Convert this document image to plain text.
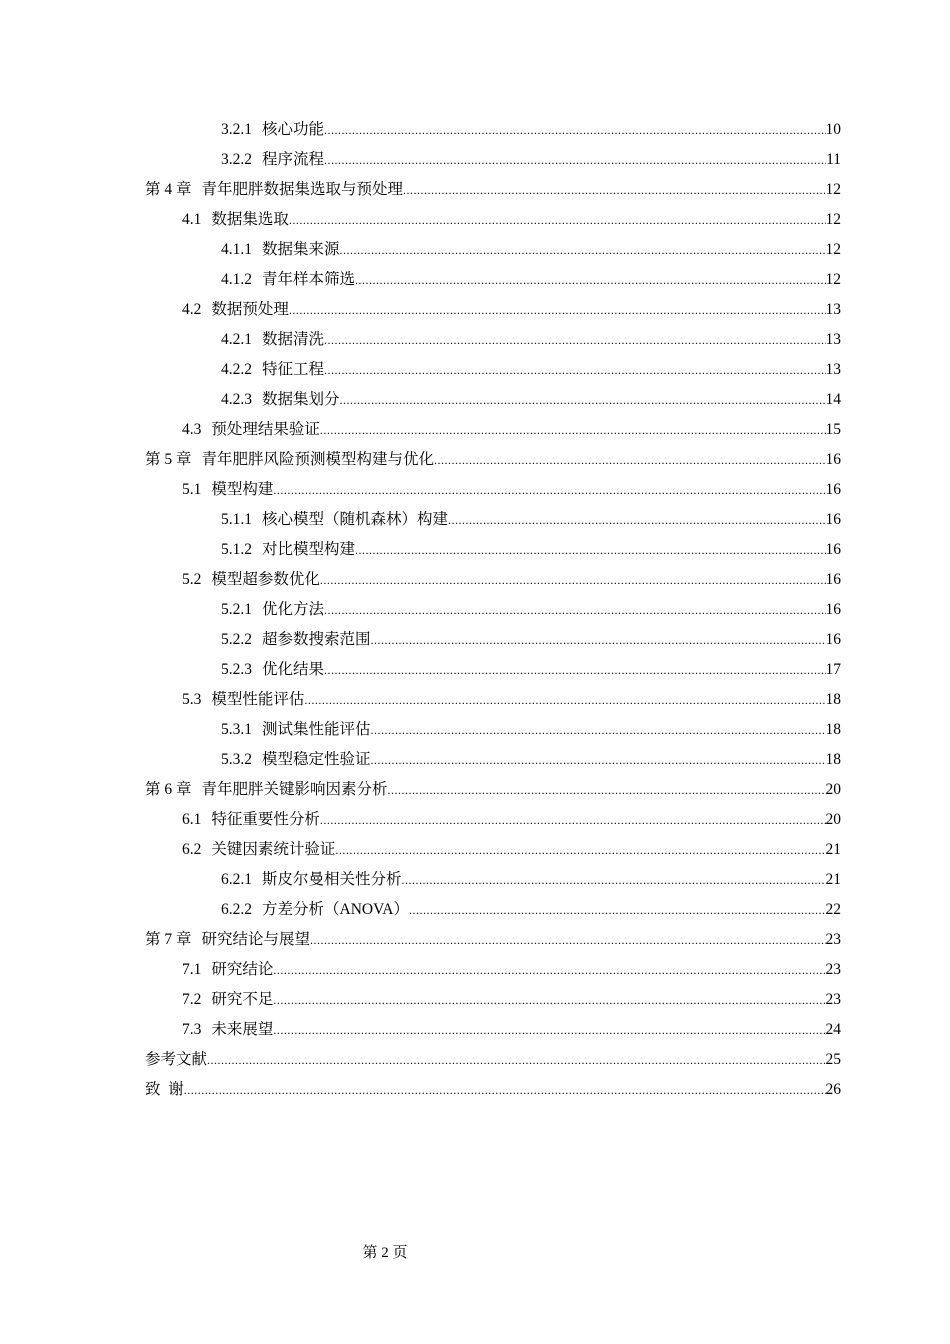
3.2.1 核心功能 .....	10
3.2.2 程序流程 .....	11
第 4 章 青年肥胖数据集选取与预处理 .....	12
4.1 数据集选取 .....	12
4.1.1 数据集来源 .....	12
4.1.2 青年样本筛选 .....	12
4.2 数据预处理 .....	13
4.2.1 数据清洗 .....	13
4.2.2 特征工程 .....	13
4.2.3 数据集划分 .....	14
4.3 预处理结果验证 .....	15
第 5 章 青年肥胖风险预测模型构建与优化 .....	16
5.1 模型构建 .....	16
5.1.1 核心模型（随机森林）构建 .....	16
5.1.2 对比模型构建 .....	16
5.2 模型超参数优化 .....	16
5.2.1 优化方法 .....	16
5.2.2 超参数搜索范围 .....	16
5.2.3 优化结果 .....	17
5.3 模型性能评估 .....	18
5.3.1 测试集性能评估 .....	18
5.3.2 模型稳定性验证 .....	18
第 6 章 青年肥胖关键影响因素分析 .....	20
6.1 特征重要性分析 .....	20
6.2 关键因素统计验证 .....	21
6.2.1 斯皮尔曼相关性分析 .....	21
6.2.2 方差分析（ANOVA） .....	22
第 7 章 研究结论与展望 .....	23
7.1 研究结论 .....	23
7.2 研究不足 .....	23
7.3 未来展望 .....	24
参考文献 .....	25
致  谢 .....	26
第 2 页
